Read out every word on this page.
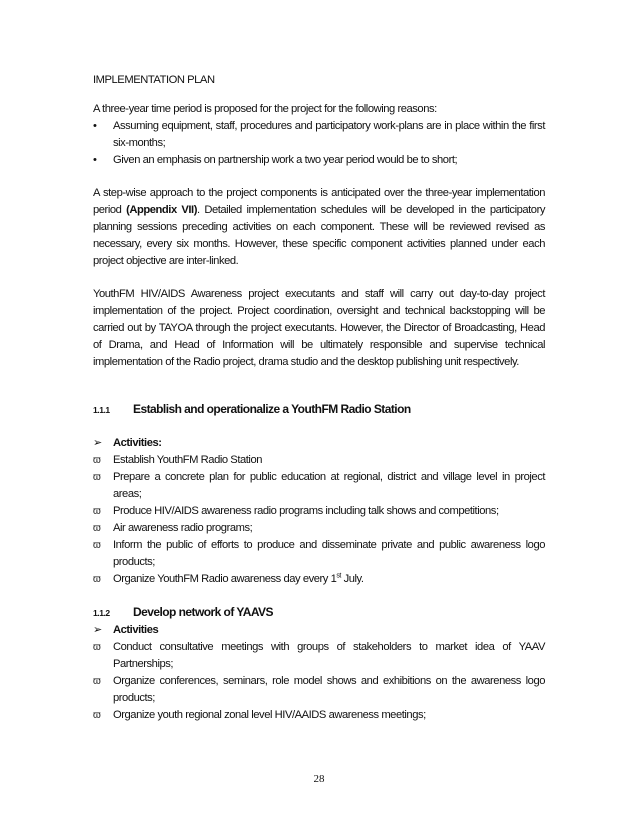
IMPLEMENTATION PLAN

A three-year time period is proposed for the project for the following reasons:

• Assuming equipment, staff, procedures and participatory work-plans are in place within the first six-months;
• Given an emphasis on partnership work a two year period would be to short;

A step-wise approach to the project components is anticipated over the three-year implementation period (Appendix VII). Detailed implementation schedules will be developed in the participatory planning sessions preceding activities on each component. These will be reviewed revised as necessary, every six months. However, these specific component activities planned under each project objective are inter-linked.

YouthFM HIV/AIDS Awareness project executants and staff will carry out day-to-day project implementation of the project. Project coordination, oversight and technical backstopping will be carried out by TAYOA through the project executants. However, the Director of Broadcasting, Head of Drama, and Head of Information will be ultimately responsible and supervise technical implementation of the Radio project, drama studio and the desktop publishing unit respectively.

1.1.1	Establish and operationalize a YouthFM Radio Station
➢ Activities:
ϖ Establish YouthFM Radio Station
ϖ Prepare a concrete plan for public education at regional, district and village level in project areas;
ϖ Produce HIV/AIDS awareness radio programs including talk shows and competitions;
ϖ Air awareness radio programs;
ϖ Inform the public of efforts to produce and disseminate private and public awareness logo products;
ϖ Organize YouthFM Radio awareness day every 1st July.
1.1.2	Develop network of YAAVS
➢ Activities
ϖ Conduct consultative meetings with groups of stakeholders to market idea of YAAV Partnerships;
ϖ Organize conferences, seminars, role model shows and exhibitions on the awareness logo products;
ϖ Organize youth regional zonal level HIV/AAIDS awareness meetings;
28
